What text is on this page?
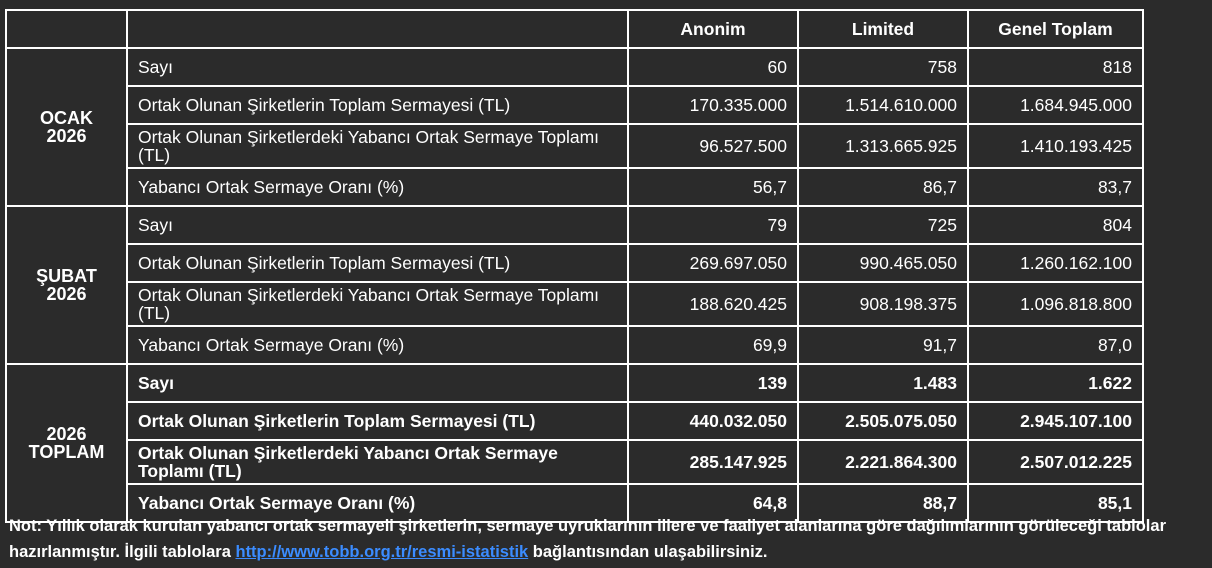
		Anonim	Limited	Genel Toplam
OCAK
2026	Sayı	60	758	818
	Ortak Olunan Şirketlerin Toplam Sermayesi (TL)	170.335.000	1.514.610.000	1.684.945.000
	Ortak Olunan Şirketlerdeki Yabancı Ortak Sermaye Toplamı (TL)	96.527.500	1.313.665.925	1.410.193.425
	Yabancı Ortak Sermaye Oranı (%)	56,7	86,7	83,7
ŞUBAT
2026	Sayı	79	725	804
	Ortak Olunan Şirketlerin Toplam Sermayesi (TL)	269.697.050	990.465.050	1.260.162.100
	Ortak Olunan Şirketlerdeki Yabancı Ortak Sermaye Toplamı (TL)	188.620.425	908.198.375	1.096.818.800
	Yabancı Ortak Sermaye Oranı (%)	69,9	91,7	87,0
2026
TOPLAM	Sayı	139	1.483	1.622
	Ortak Olunan Şirketlerin Toplam Sermayesi (TL)	440.032.050	2.505.075.050	2.945.107.100
	Ortak Olunan Şirketlerdeki Yabancı Ortak Sermaye Toplamı (TL)	285.147.925	2.221.864.300	2.507.012.225
	Yabancı Ortak Sermaye Oranı (%)	64,8	88,7	85,1
Not: Yıllık olarak kurulan yabancı ortak sermayeli şirketlerin, sermaye uyruklarının illere ve faaliyet alanlarına göre dağılımlarının görüleceği tablolar hazırlanmıştır. İlgili tablolara http://www.tobb.org.tr/resmi-istatistik bağlantısından ulaşabilirsiniz.
